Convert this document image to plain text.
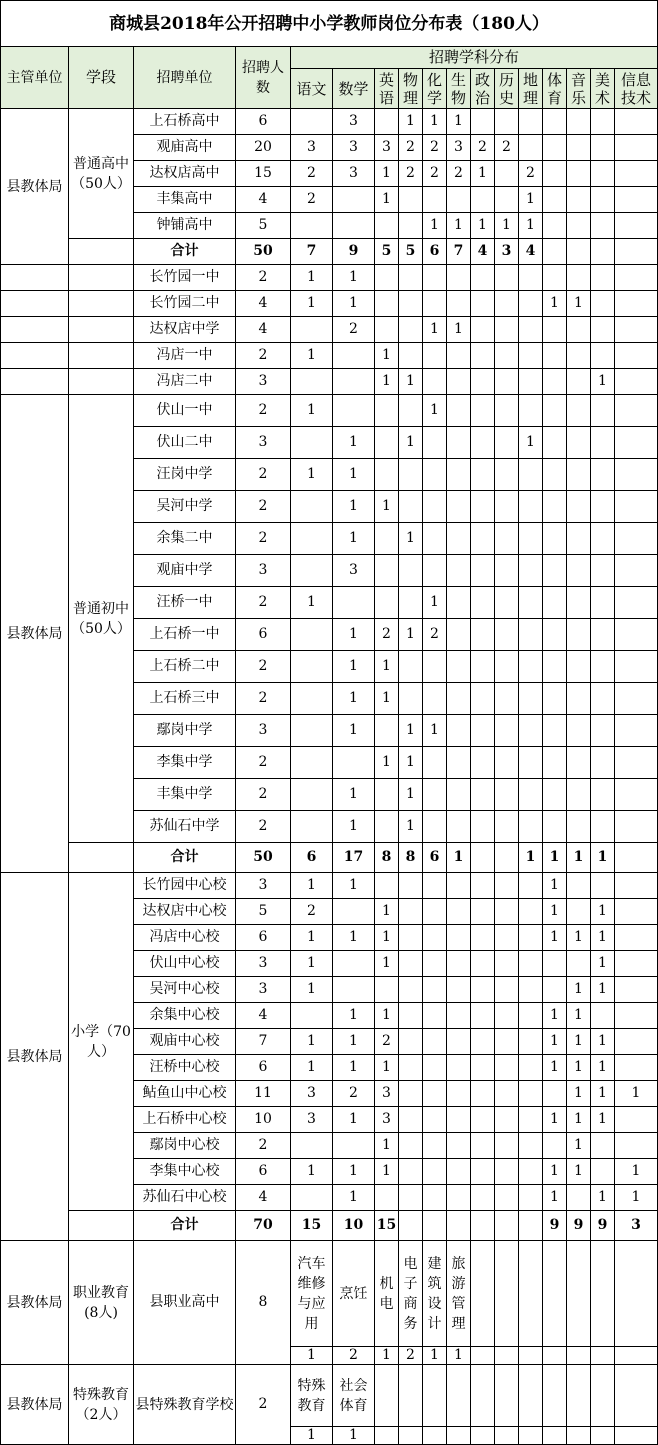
商城县2018年公开招聘中小学教师岗位分布表（180人）
主管单位	学段	招聘单位	招聘人数	招聘学科分布												
				语文	数学	英语	物理	化学	生物	政治	历史	地理	体育	音乐	美术	信息技术
县教体局	普通高中（50人）	上石桥高中	6		3		1	1	1							
		观庙高中	20	3	3	3	2	2	3	2	2					
		达权店高中	15	2	3	1	2	2	2	1		2				
		丰集高中	4	2		1						1				
		钟铺高中	5					1	1	1	1	1				
		合计	50	7	9	5	5	6	7	4	3	4				
		长竹园一中	2	1	1											
		长竹园二中	4	1	1								1	1		
		达权店中学	4		2			1	1							
		冯店一中	2	1		1										
		冯店二中	3			1	1								1	
县教体局	普通初中（50人）	伏山一中	2	1				1								
		伏山二中	3		1		1					1				
		汪岗中学	2	1	1											
		吴河中学	2		1	1										
		余集二中	2		1		1									
		观庙中学	3		3											
		汪桥一中	2	1				1								
		上石桥一中	6		1	2	1	2								
		上石桥二中	2		1	1										
		上石桥三中	2		1	1										
		鄢岗中学	3		1		1	1								
		李集中学	2			1	1									
		丰集中学	2		1		1									
		苏仙石中学	2		1		1									
		合计	50	6	17	8	8	6	1			1	1	1	1	
县教体局	小学（70人）	长竹园中心校	3	1	1								1			
		达权店中心校	5	2		1							1		1	
		冯店中心校	6	1	1	1							1	1	1	
		伏山中心校	3	1		1									1	
		吴河中心校	3	1										1	1	
		余集中心校	4		1	1							1	1		
		观庙中心校	7	1	1	2							1	1	1	
		汪桥中心校	6	1	1	1							1	1	1	
		鲇鱼山中心校	11	3	2	3								1	1	1
		上石桥中心校	10	3	1	3							1	1	1	
		鄢岗中心校	2			1								1		
		李集中心校	6	1	1	1							1	1		1
		苏仙石中心校	4		1								1		1	1
		合计	70	15	10	15							9	9	9	3
县教体局	职业教育(8人)	县职业高中	8	汽车维修与应用	烹饪	机电	电子商务	建筑设计	旅游管理							
				1	2	1	2	1	1							
县教体局	特殊教育（2人）	县特殊教育学校	2	特殊教育	社会体育											
				1	1											
